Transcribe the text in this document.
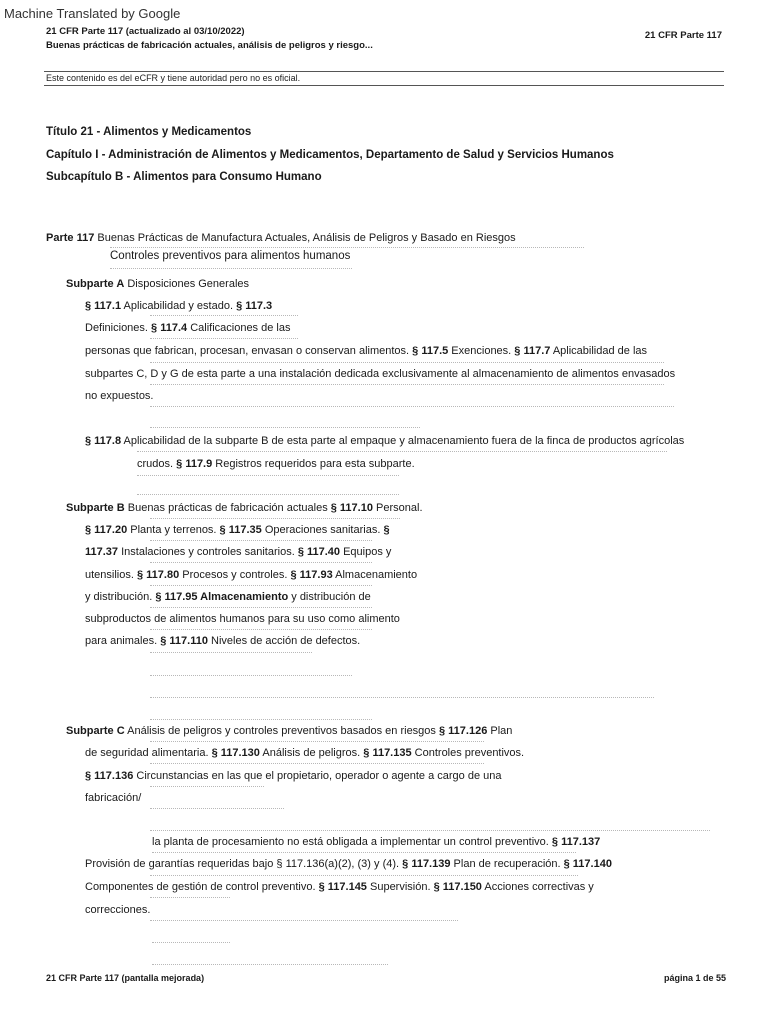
Machine Translated by Google
21 CFR Parte 117 (actualizado al 03/10/2022)
Buenas prácticas de fabricación actuales, análisis de peligros y riesgo...
21 CFR Parte 117
Este contenido es del eCFR y tiene autoridad pero no es oficial.
Título 21 - Alimentos y Medicamentos
Capítulo I - Administración de Alimentos y Medicamentos, Departamento de Salud y Servicios Humanos
Subcapítulo B - Alimentos para Consumo Humano
Parte 117 Buenas Prácticas de Manufactura Actuales, Análisis de Peligros y Basado en Riesgos
Controles preventivos para alimentos humanos
Subparte A Disposiciones Generales
§ 117.1 Aplicabilidad y estado. § 117.3
Definiciones. § 117.4 Calificaciones de las
personas que fabrican, procesan, envasan o conservan alimentos. § 117.5 Exenciones. § 117.7 Aplicabilidad de las
subpartes C, D y G de esta parte a una instalación dedicada exclusivamente al almacenamiento de alimentos envasados
no expuestos.
§ 117.8 Aplicabilidad de la subparte B de esta parte al empaque y almacenamiento fuera de la finca de productos agrícolas
crudos. § 117.9 Registros requeridos para esta subparte.
Subparte B Buenas prácticas de fabricación actuales § 117.10 Personal.
§ 117.20 Planta y terrenos. § 117.35 Operaciones sanitarias. §
117.37 Instalaciones y controles sanitarios. § 117.40 Equipos y
utensilios. § 117.80 Procesos y controles. § 117.93 Almacenamiento
y distribución. § 117.95 Almacenamiento y distribución de
subproductos de alimentos humanos para su uso como alimento
para animales. § 117.110 Niveles de acción de defectos.
Subparte C Análisis de peligros y controles preventivos basados en riesgos § 117.126 Plan
de seguridad alimentaria. § 117.130 Análisis de peligros. § 117.135 Controles preventivos.
§ 117.136 Circunstancias en las que el propietario, operador o agente a cargo de una
fabricación/
la planta de procesamiento no está obligada a implementar un control preventivo. § 117.137
Provisión de garantías requeridas bajo § 117.136(a)(2), (3) y (4). § 117.139 Plan de recuperación. § 117.140
Componentes de gestión de control preventivo. § 117.145 Supervisión. § 117.150 Acciones correctivas y
correcciones.
21 CFR Parte 117 (pantalla mejorada)	página 1 de 55
